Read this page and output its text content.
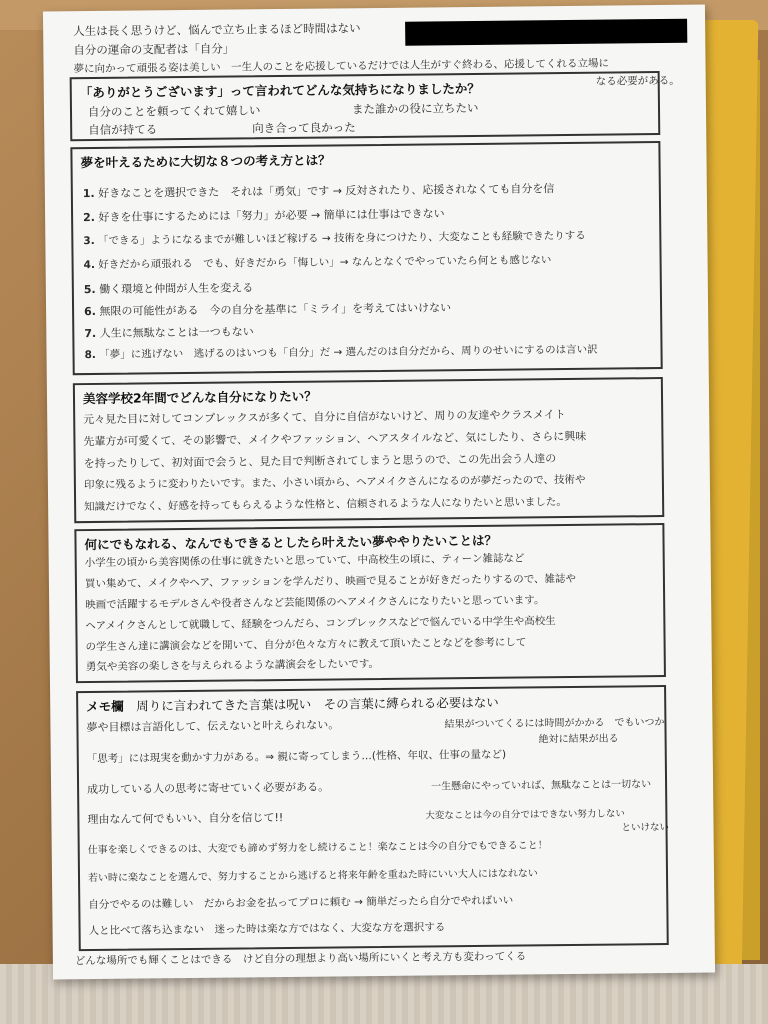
人生は長く思うけど、悩んで立ち止まるほど時間はない
自分の運命の支配者は「自分」
夢に向かって頑張る姿は美しい　一生人のことを応援しているだけでは人生がすぐ終わる、応援してくれる立場に
なる必要がある。
「ありがとうございます」って言われてどんな気持ちになりましたか？
自分のことを頼ってくれて嬉しい	また誰かの役に立ちたい
自信が持てる	向き合って良かった
夢を叶えるために大切な８つの考え方とは？
1. 好きなことを選択できた　それは「勇気」です → 反対されたり、応援されなくても自分を信
2. 好きを仕事にするためには「努力」が必要 → 簡単には仕事はできない
3. 「できる」ようになるまでが難しいほど稼げる → 技術を身につけたり、大変なことも経験できたりする
4. 好きだから頑張れる　でも、好きだから「悔しい」→ なんとなくでやっていたら何とも感じない
5. 働く環境と仲間が人生を変える
6. 無限の可能性がある　今の自分を基準に「ミライ」を考えてはいけない
7. 人生に無駄なことは一つもない
8. 「夢」に逃げない　逃げるのはいつも「自分」だ → 選んだのは自分だから、周りのせいにするのは言い訳
美容学校2年間でどんな自分になりたい？
元々見た目に対してコンプレックスが多くて、自分に自信がないけど、周りの友達やクラスメイト
先輩方が可愛くて、その影響で、メイクやファッション、ヘアスタイルなど、気にしたり、さらに興味
を持ったりして、初対面で会うと、見た目で判断されてしまうと思うので、この先出会う人達の
印象に残るように変わりたいです。また、小さい頃から、ヘアメイクさんになるのが夢だったので、技術や
知識だけでなく、好感を持ってもらえるような性格と、信頼されるような人になりたいと思いました。
何にでもなれる、なんでもできるとしたら叶えたい夢ややりたいことは？
小学生の頃から美容関係の仕事に就きたいと思っていて、中高校生の頃に、ティーン雑誌など
買い集めて、メイクやヘア、ファッションを学んだり、映画で見ることが好きだったりするので、雑誌や
映画で活躍するモデルさんや役者さんなど芸能関係のヘアメイクさんになりたいと思っています。
ヘアメイクさんとして就職して、経験をつんだら、コンプレックスなどで悩んでいる中学生や高校生
の学生さん達に講演会などを開いて、自分が色々な方々に教えて頂いたことなどを参考にして
勇気や美容の楽しさを与えられるような講演会をしたいです。
メモ欄　 周りに言われてきた言葉は呪い　その言葉に縛られる必要はない
夢や目標は言語化して、伝えないと叶えられない。	結果がついてくるには時間がかかる　でもいつか
絶対に結果が出る
「思考」には現実を動かす力がある。⇒ 親に寄ってしまう…(性格、年収、仕事の量など)
成功している人の思考に寄せていく必要がある。	一生懸命にやっていれば、無駄なことは一切ない
理由なんて何でもいい、自分を信じて!!	大変なことは今の自分ではできない努力しない
といけない
仕事を楽しくできるのは、大変でも諦めず努力をし続けること！楽なことは今の自分でもできること！
若い時に楽なことを選んで、努力することから逃げると将来年齢を重ねた時にいい大人にはなれない
自分でやるのは難しい　だからお金を払ってプロに頼む → 簡単だったら自分でやればいい
人と比べて落ち込まない　迷った時は楽な方ではなく、大変な方を選択する
どんな場所でも輝くことはできる　けど自分の理想より高い場所にいくと考え方も変わってくる
